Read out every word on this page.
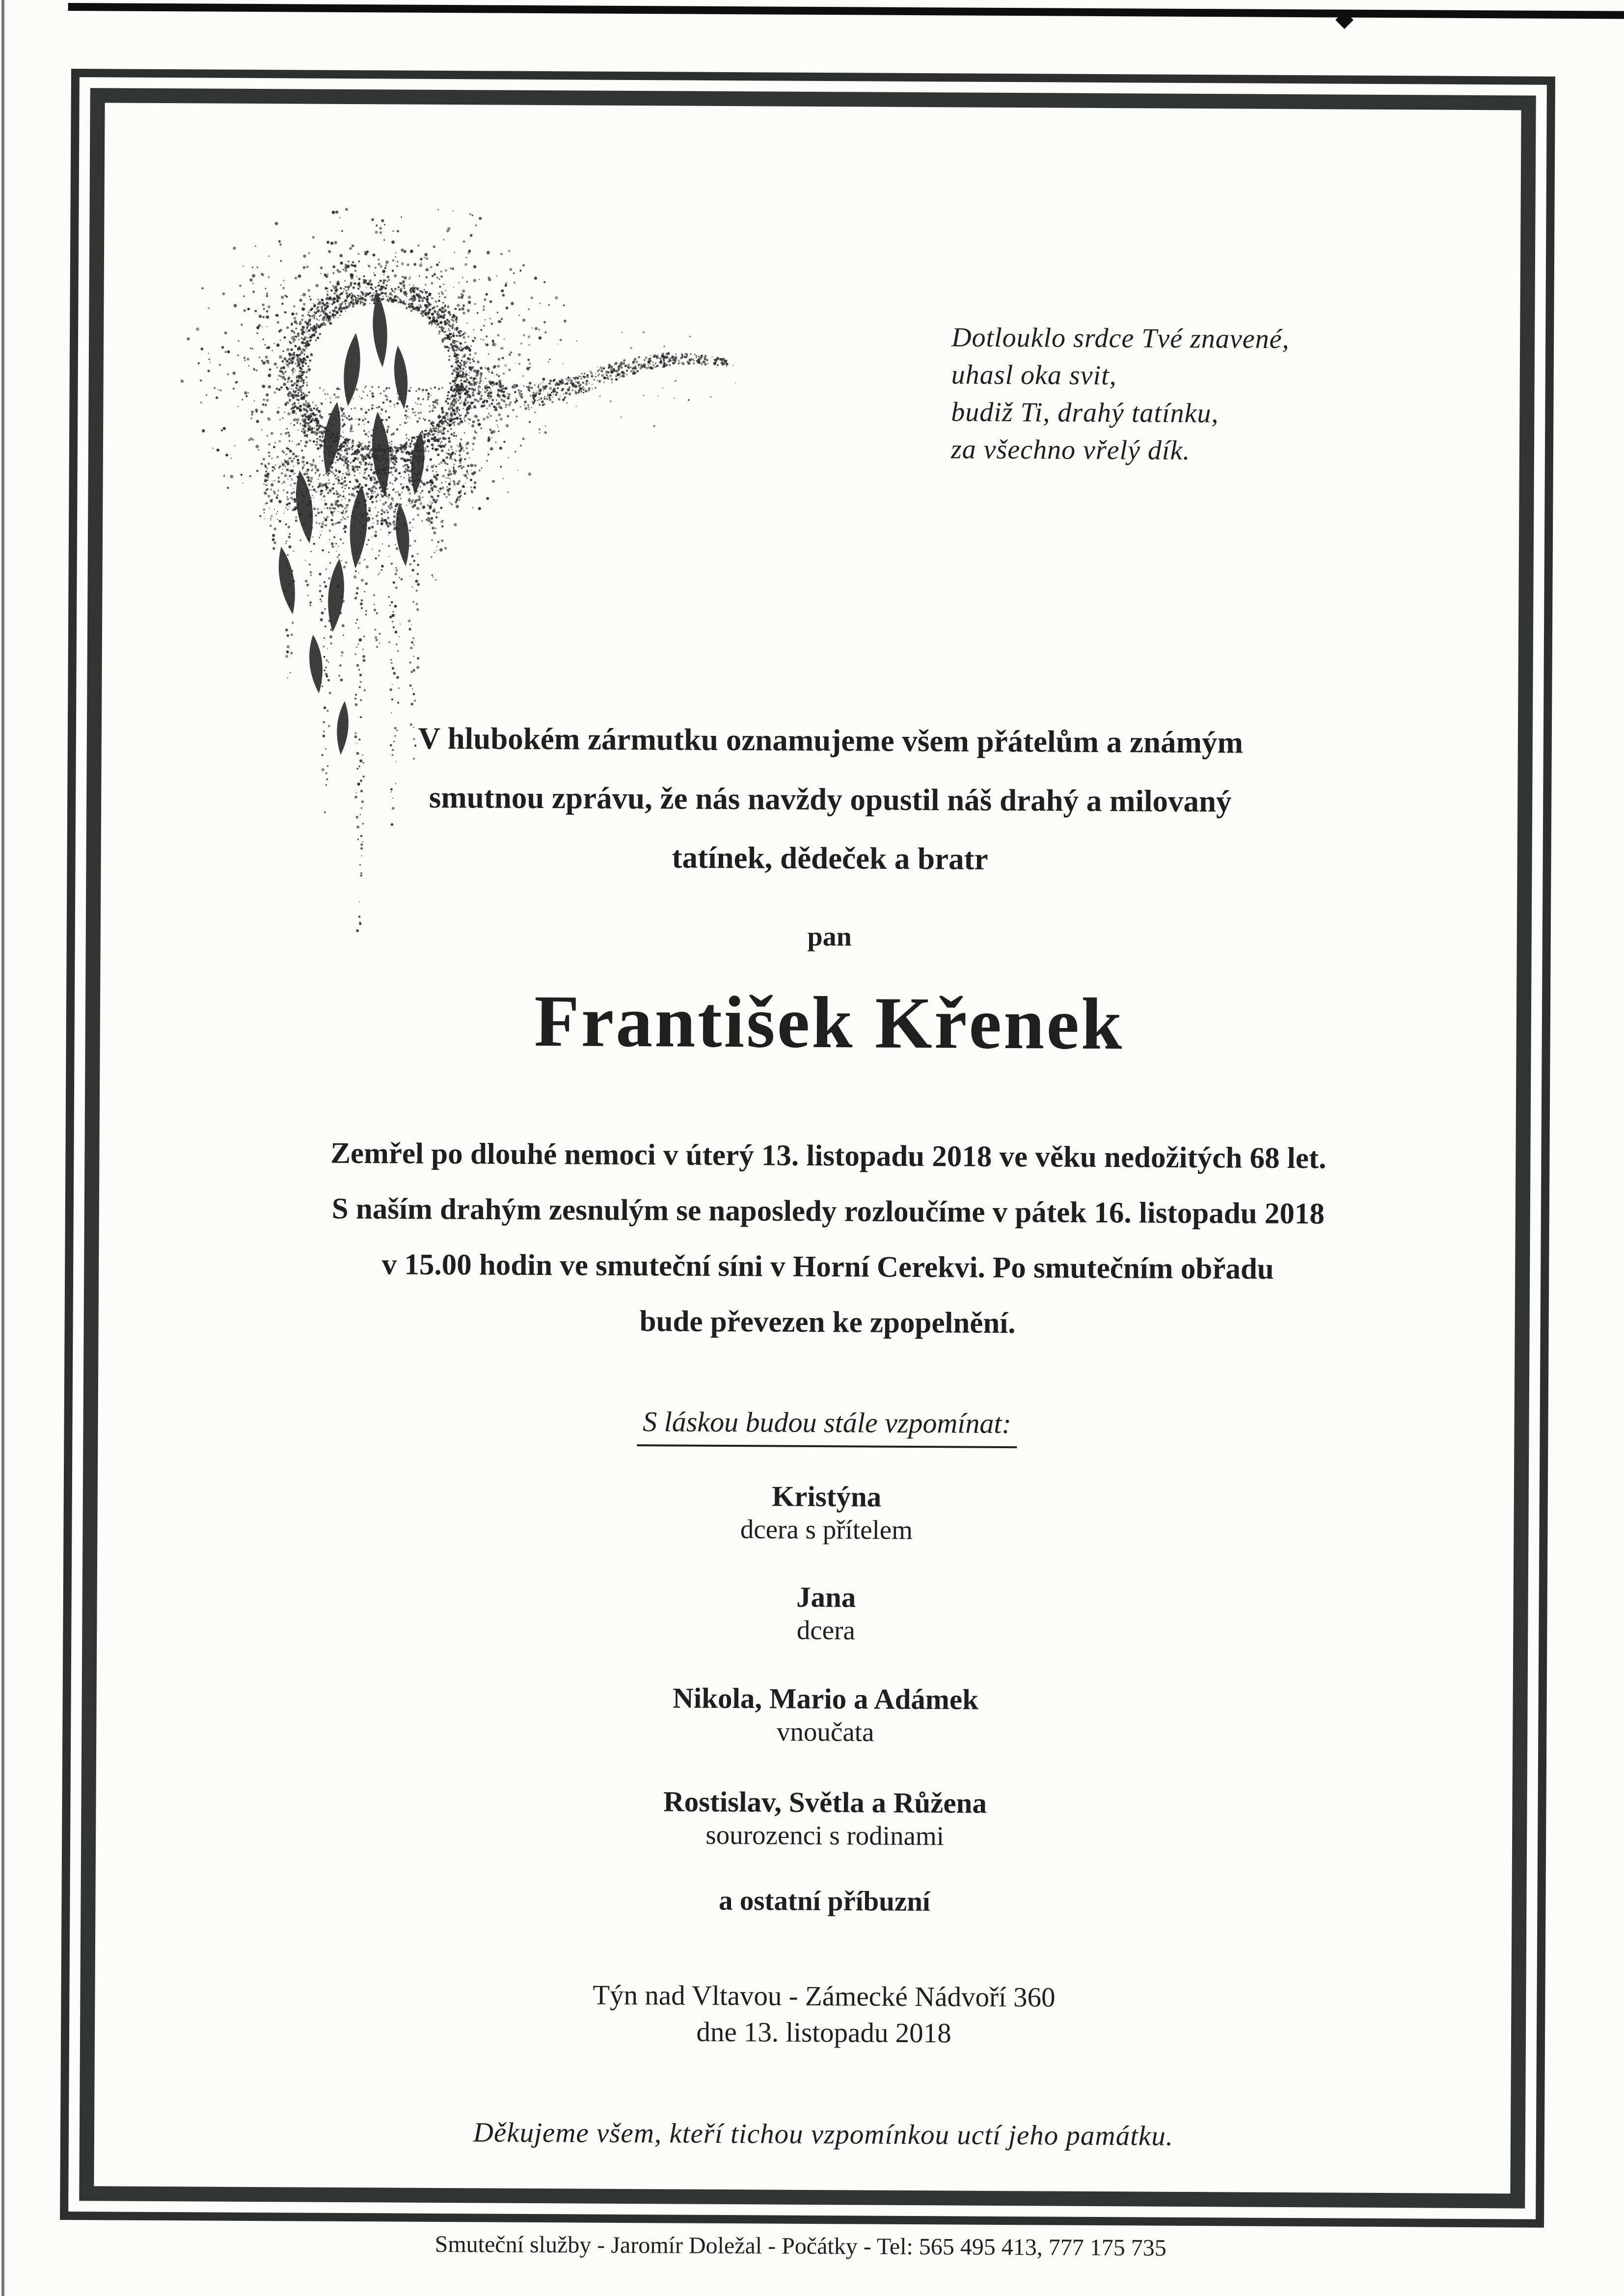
Dotlouklo srdce Tvé znavené,
uhasl oka svit,
budiž Ti, drahý tatínku,
za všechno vřelý dík.
V hlubokém zármutku oznamujeme všem přátelům a známým
smutnou zprávu, že nás navždy opustil náš drahý a milovaný
tatínek, dědeček a bratr
pan
František Křenek
Zemřel po dlouhé nemoci v úterý 13. listopadu 2018 ve věku nedožitých 68 let.
S naším drahým zesnulým se naposledy rozloučíme v pátek 16. listopadu 2018
v 15.00 hodin ve smuteční síni v Horní Cerekvi. Po smutečním obřadu
bude převezen ke zpopelnění.
S láskou budou stále vzpomínat:
Kristýna
dcera s přítelem
Jana
dcera
Nikola, Mario a Adámek
vnoučata
Rostislav, Světla a Růžena
sourozenci s rodinami
a ostatní příbuzní
Týn nad Vltavou - Zámecké Nádvoří 360
dne 13. listopadu 2018
Děkujeme všem, kteří tichou vzpomínkou uctí jeho památku.
Smuteční služby - Jaromír Doležal - Počátky - Tel: 565 495 413, 777 175 735
